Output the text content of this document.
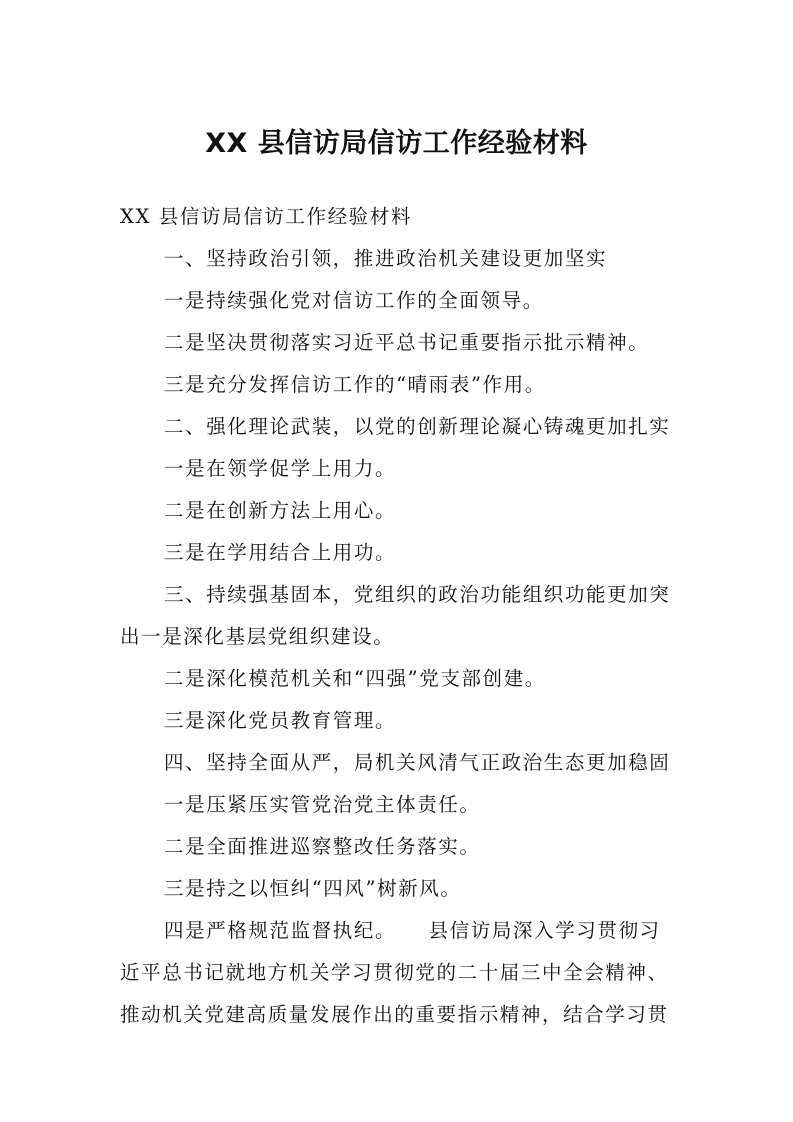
XX 县信访局信访工作经验材料

XX 县信访局信访工作经验材料

一、坚持政治引领，推进政治机关建设更加坚实

一是持续强化党对信访工作的全面领导。

二是坚决贯彻落实习近平总书记重要指示批示精神。

三是充分发挥信访工作的“晴雨表”作用。

二、强化理论武装，以党的创新理论凝心铸魂更加扎实

一是在领学促学上用力。

二是在创新方法上用心。

三是在学用结合上用功。

三、持续强基固本，党组织的政治功能组织功能更加突出一是深化基层党组织建设。

二是深化模范机关和“四强”党支部创建。

三是深化党员教育管理。

四、坚持全面从严，局机关风清气正政治生态更加稳固

一是压紧压实管党治党主体责任。

二是全面推进巡察整改任务落实。

三是持之以恒纠“四风”树新风。

四是严格规范监督执纪。　　县信访局深入学习贯彻习近平总书记就地方机关学习贯彻党的二十届三中全会精神、推动机关党建高质量发展作出的重要指示精神，结合学习贯
